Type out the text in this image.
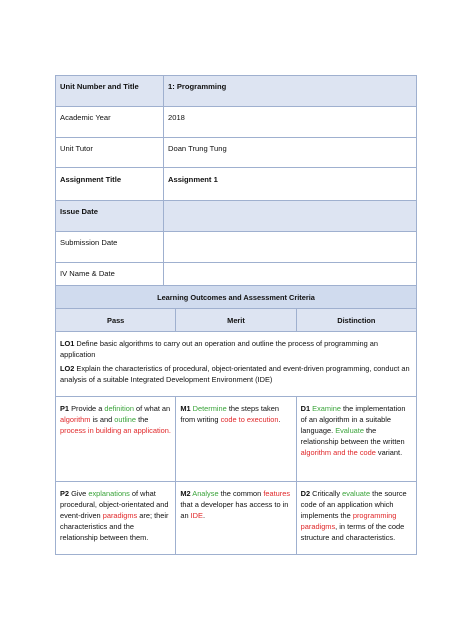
Unit Number and Title	1: Programming
Academic Year	2018
Unit Tutor	Doan Trung Tung
Assignment Title	Assignment 1
Issue Date	
Submission Date	
IV Name & Date	
Learning Outcomes and Assessment Criteria		
Pass	Merit	Distinction

LO1 Define basic algorithms to carry out an operation and outline the process of programming an application

LO2 Explain the characteristics of procedural, object-orientated and event-driven programming, conduct an analysis of a suitable Integrated Development Environment (IDE)		

P1 Provide a definition of what an algorithm is and outline the process in building an application.	M1 Determine the steps taken from writing code to execution.	D1 Examine the implementation of an algorithm in a suitable language. Evaluate the relationship between the written algorithm and the code variant.
P2 Give explanations of what procedural, object-orientated and event-driven paradigms are; their characteristics and the relationship between them.	M2 Analyse the common features that a developer has access to in an IDE.	D2 Critically evaluate the source code of an application which implements the programming paradigms, in terms of the code structure and characteristics.
